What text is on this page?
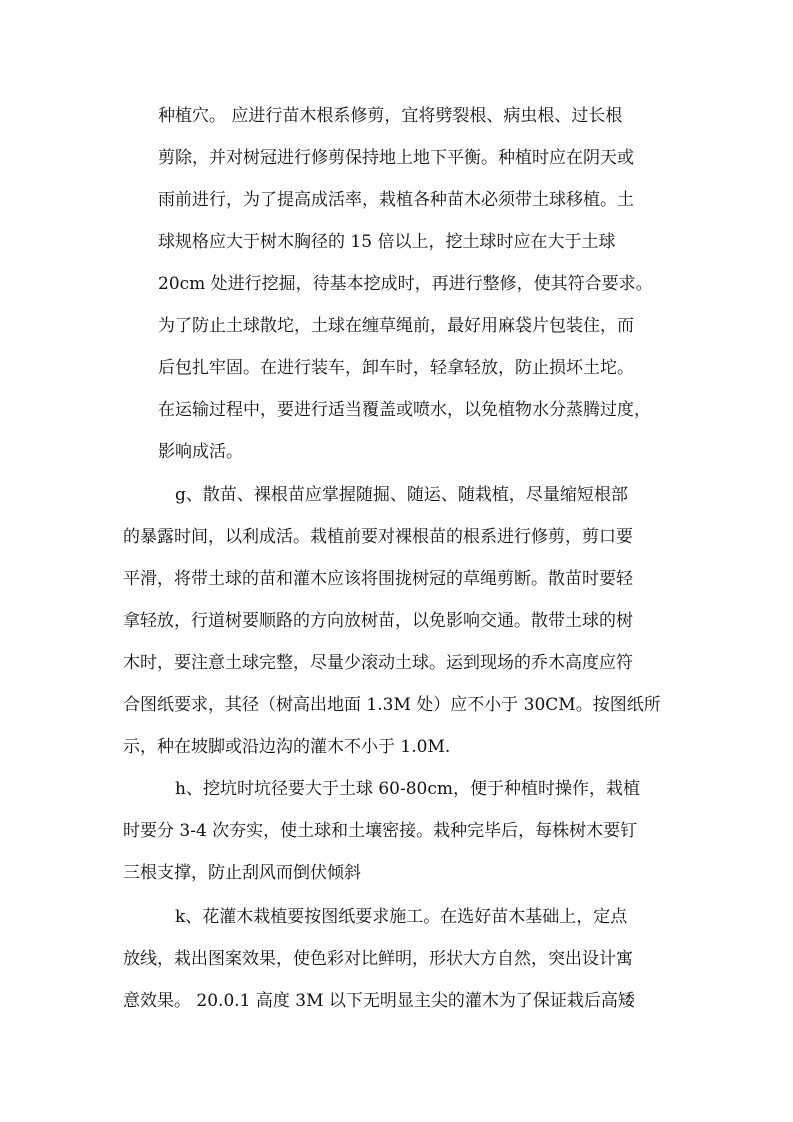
种植穴。 应进行苗木根系修剪，宜将劈裂根、病虫根、过长根

剪除，并对树冠进行修剪保持地上地下平衡。种植时应在阴天或

雨前进行，为了提高成活率，栽植各种苗木必须带土球移植。土

球规格应大于树木胸径的 15 倍以上，挖土球时应在大于土球

20cm 处进行挖掘，待基本挖成时，再进行整修，使其符合要求。

为了防止土球散坨，土球在缠草绳前，最好用麻袋片包装住，而

后包扎牢固。在进行装车，卸车时，轻拿轻放，防止损坏土坨。

在运输过程中，要进行适当覆盖或喷水，以免植物水分蒸腾过度，

影响成活。

g、散苗、裸根苗应掌握随掘、随运、随栽植，尽量缩短根部

的暴露时间，以利成活。栽植前要对裸根苗的根系进行修剪，剪口要

平滑，将带土球的苗和灌木应该将围拢树冠的草绳剪断。散苗时要轻

拿轻放，行道树要顺路的方向放树苗，以免影响交通。散带土球的树

木时，要注意土球完整，尽量少滚动土球。运到现场的乔木高度应符

合图纸要求，其径（树高出地面 1.3M 处）应不小于 30CM。按图纸所

示，种在坡脚或沿边沟的灌木不小于 1.0M.

h、挖坑时坑径要大于土球 60-80cm，便于种植时操作，栽植

时要分 3-4 次夯实，使土球和土壤密接。栽种完毕后，每株树木要钉

三根支撑，防止刮风而倒伏倾斜

k、花灌木栽植要按图纸要求施工。在选好苗木基础上，定点

放线，栽出图案效果，使色彩对比鲜明，形状大方自然，突出设计寓

意效果。 20.0.1 高度 3M 以下无明显主尖的灌木为了保证栽后高矮
